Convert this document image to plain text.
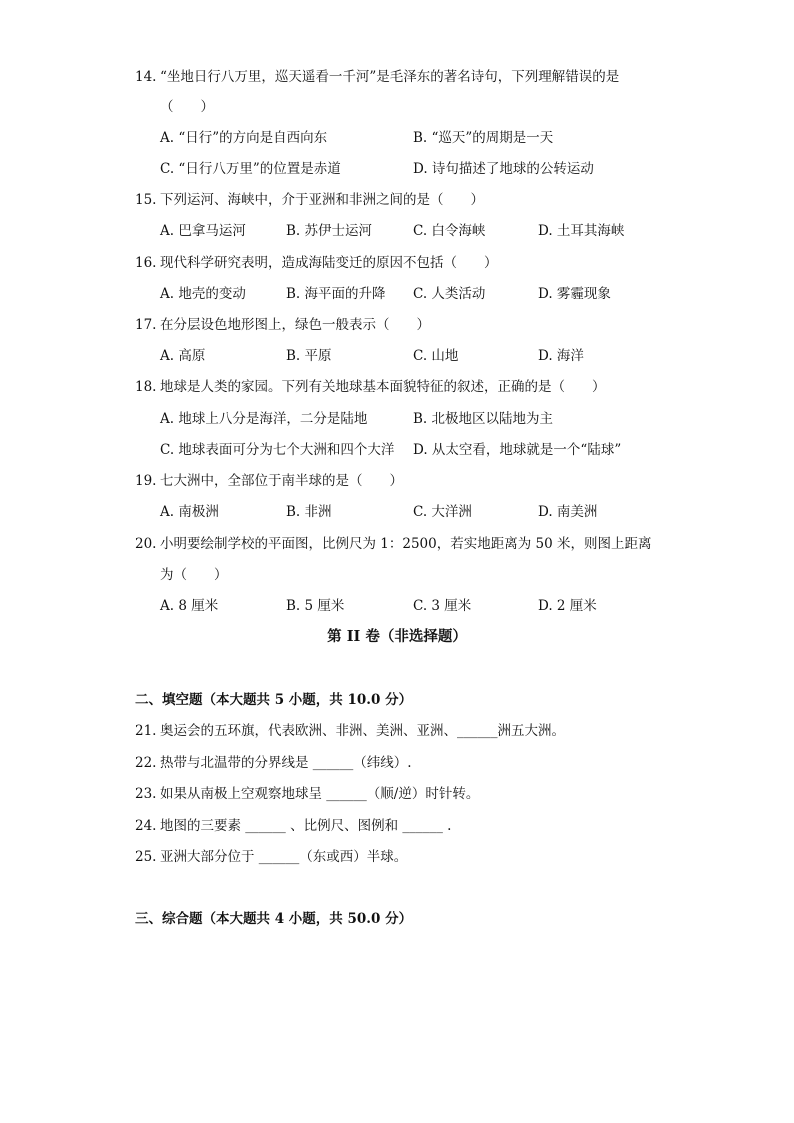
14. “坐地日行八万里，巡天遥看一千河”是毛泽东的著名诗句，下列理解错误的是
（　　）
A. “日行”的方向是自西向东	B. “巡天”的周期是一天
C. “日行八万里”的位置是赤道	D. 诗句描述了地球的公转运动
15. 下列运河、海峡中，介于亚洲和非洲之间的是（　　）
A. 巴拿马运河	B. 苏伊士运河	C. 白令海峡	D. 土耳其海峡
16. 现代科学研究表明，造成海陆变迁的原因不包括（　　）
A. 地壳的变动	B. 海平面的升降 C. 人类活动	D. 雾霾现象
17. 在分层设色地形图上，绿色一般表示（　　）
A. 高原	B. 平原	C. 山地	D. 海洋
18. 地球是人类的家园。下列有关地球基本面貌特征的叙述，正确的是（　　）
A. 地球上八分是海洋，二分是陆地	B. 北极地区以陆地为主
C. 地球表面可分为七个大洲和四个大洋 D. 从太空看，地球就是一个“陆球”
19. 七大洲中，全部位于南半球的是（　　）
A. 南极洲	B. 非洲	C. 大洋洲	D. 南美洲
20. 小明要绘制学校的平面图，比例尺为 1：2500，若实地距离为 50 米，则图上距离
为（　　）
A. 8 厘米	B. 5 厘米	C. 3 厘米	D. 2 厘米
第 II 卷（非选择题）
二、填空题（本大题共 5 小题，共 10.0 分）
21. 奥运会的五环旗，代表欧洲、非洲、美洲、亚洲、______洲五大洲。
22. 热带与北温带的分界线是 ______（纬线）.
23. 如果从南极上空观察地球呈 ______（顺/逆）时针转。
24. 地图的三要素 ______ 、比例尺、图例和 ______ .
25. 亚洲大部分位于 ______（东或西）半球。
三、综合题（本大题共 4 小题，共 50.0 分）
